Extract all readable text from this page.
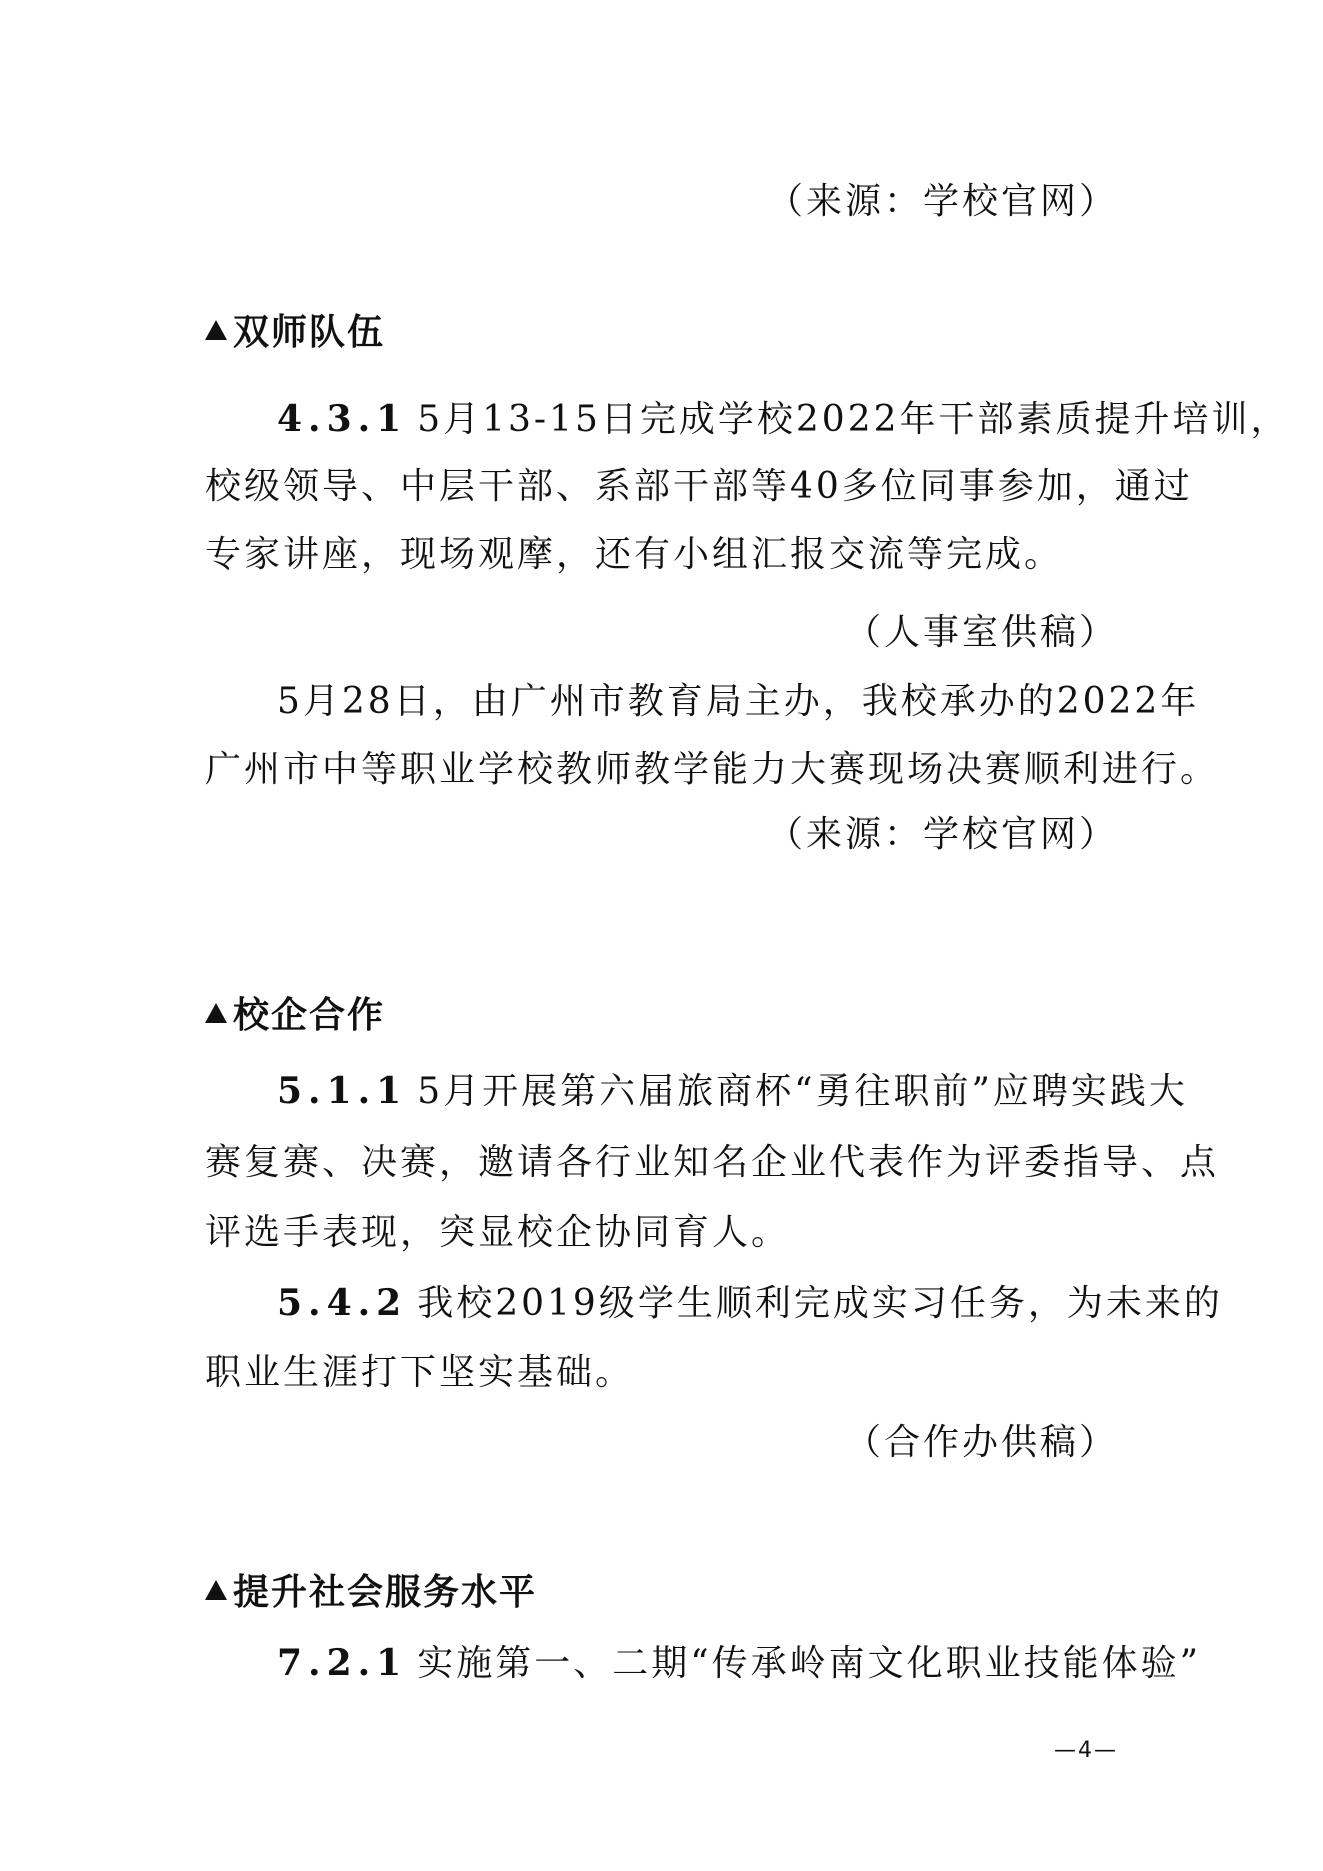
（来源：学校官网）
双师队伍
4.3.1 5月13-15日完成学校2022年干部素质提升培训，
校级领导、中层干部、系部干部等40多位同事参加，通过
专家讲座，现场观摩，还有小组汇报交流等完成。
（人事室供稿）
5月28日，由广州市教育局主办，我校承办的2022年
广州市中等职业学校教师教学能力大赛现场决赛顺利进行。
（来源：学校官网）
校企合作
5.1.1 5月开展第六届旅商杯“勇往职前”应聘实践大
赛复赛、决赛，邀请各行业知名企业代表作为评委指导、点
评选手表现，突显校企协同育人。
5.4.2 我校2019级学生顺利完成实习任务，为未来的
职业生涯打下坚实基础。
（合作办供稿）
提升社会服务水平
7.2.1 实施第一、二期“传承岭南文化职业技能体验”
—4—
